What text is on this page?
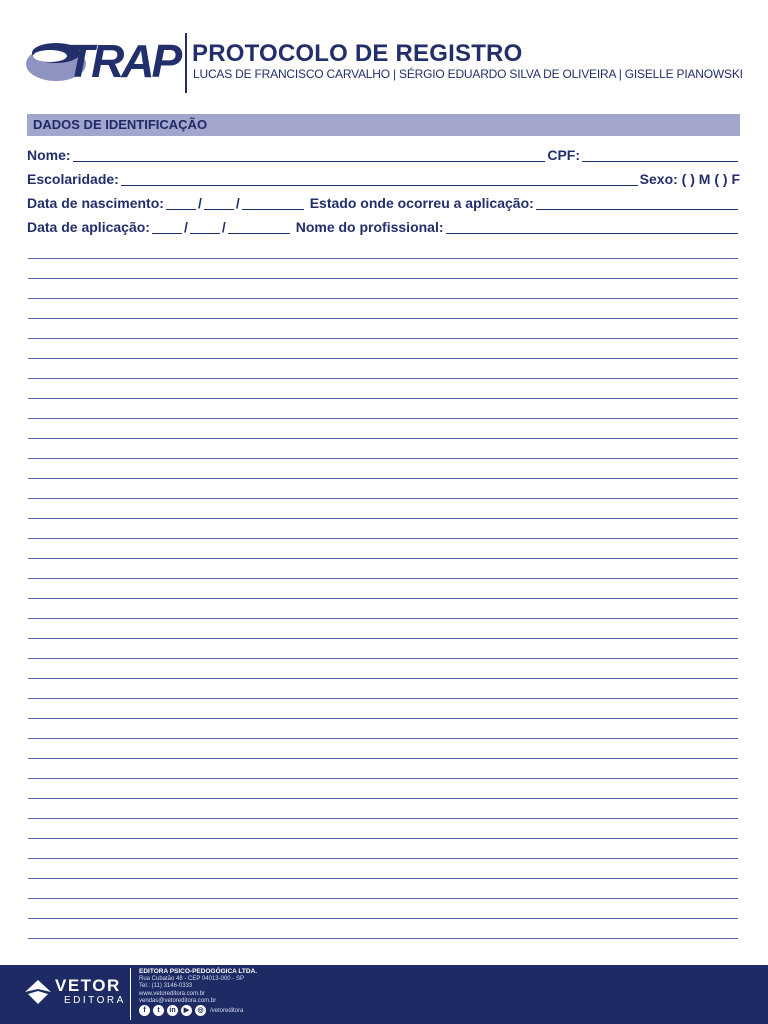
TRAP PROTOCOLO DE REGISTRO
LUCAS DE FRANCISCO CARVALHO | SÉRGIO EDUARDO SILVA DE OLIVEIRA | GISELLE PIANOWSKI
DADOS DE IDENTIFICAÇÃO
Nome:	CPF:
Escolaridade:	Sexo: ( ) M ( ) F
Data de nascimento: / /	Estado onde ocorreu a aplicação:
Data de aplicação: / /	Nome do profissional:
VETOR
EDITORA
EDITORA PSICO-PEDOGÓGICA LTDA.
Rua Cubatão 48 - CEP 04013-000 - SP
Tel.: (11) 3146-0333
www.vetoreditora.com.br
vendas@vetoreditora.com.br
f	t	in	▶	◎	/vetoreditora
